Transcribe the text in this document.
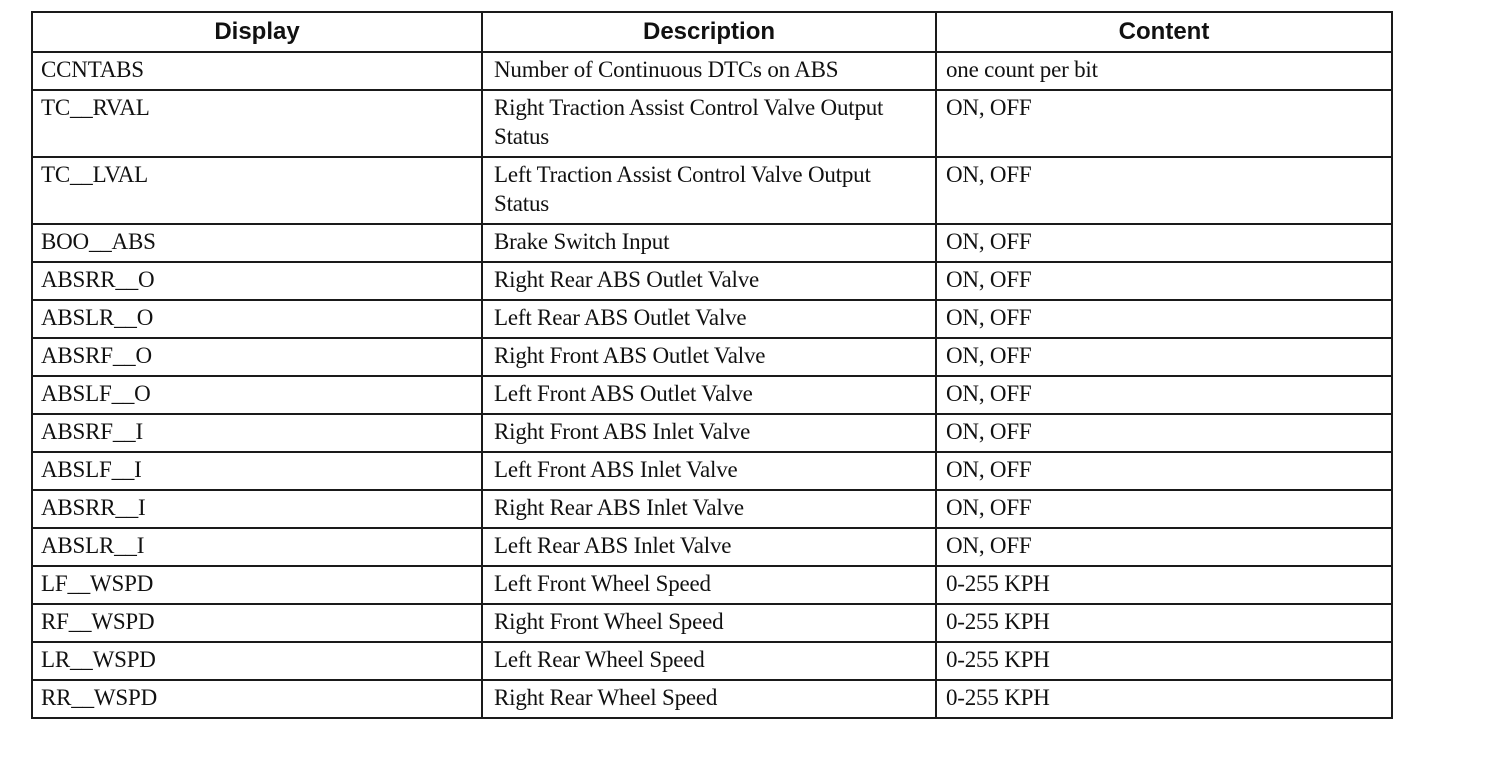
Display	Description	Content
CCNTABS	Number of Continuous DTCs on ABS	one count per bit
TC__RVAL	Right Traction Assist Control Valve Output Status	ON, OFF
TC__LVAL	Left Traction Assist Control Valve Output Status	ON, OFF
BOO__ABS	Brake Switch Input	ON, OFF
ABSRR__O	Right Rear ABS Outlet Valve	ON, OFF
ABSLR__O	Left Rear ABS Outlet Valve	ON, OFF
ABSRF__O	Right Front ABS Outlet Valve	ON, OFF
ABSLF__O	Left Front ABS Outlet Valve	ON, OFF
ABSRF__I	Right Front ABS Inlet Valve	ON, OFF
ABSLF__I	Left Front ABS Inlet Valve	ON, OFF
ABSRR__I	Right Rear ABS Inlet Valve	ON, OFF
ABSLR__I	Left Rear ABS Inlet Valve	ON, OFF
LF__WSPD	Left Front Wheel Speed	0-255 KPH
RF__WSPD	Right Front Wheel Speed	0-255 KPH
LR__WSPD	Left Rear Wheel Speed	0-255 KPH
RR__WSPD	Right Rear Wheel Speed	0-255 KPH
